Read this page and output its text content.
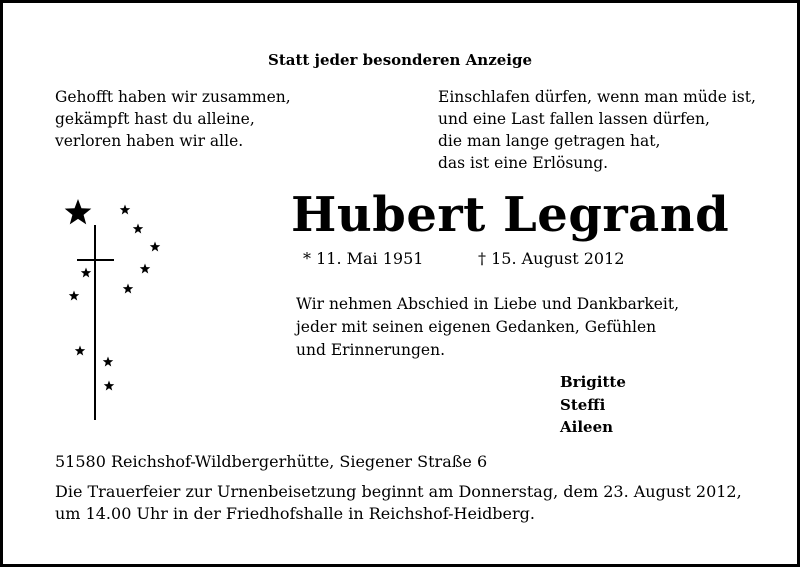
Statt jeder besonderen Anzeige
Gehofft haben wir zusammen,
gekämpft hast du alleine,
verloren haben wir alle.
Einschlafen dürfen, wenn man müde ist,
und eine Last fallen lassen dürfen,
die man lange getragen hat,
das ist eine Erlösung.
Hubert Legrand
* 11. Mai 1951	† 15. August 2012
Wir nehmen Abschied in Liebe und Dankbarkeit,
jeder mit seinen eigenen Gedanken, Gefühlen
und Erinnerungen.
Brigitte
Steffi
Aileen
51580 Reichshof-Wildbergerhütte, Siegener Straße 6
Die Trauerfeier zur Urnenbeisetzung beginnt am Donnerstag, dem 23. August 2012,
um 14.00 Uhr in der Friedhofshalle in Reichshof-Heidberg.
